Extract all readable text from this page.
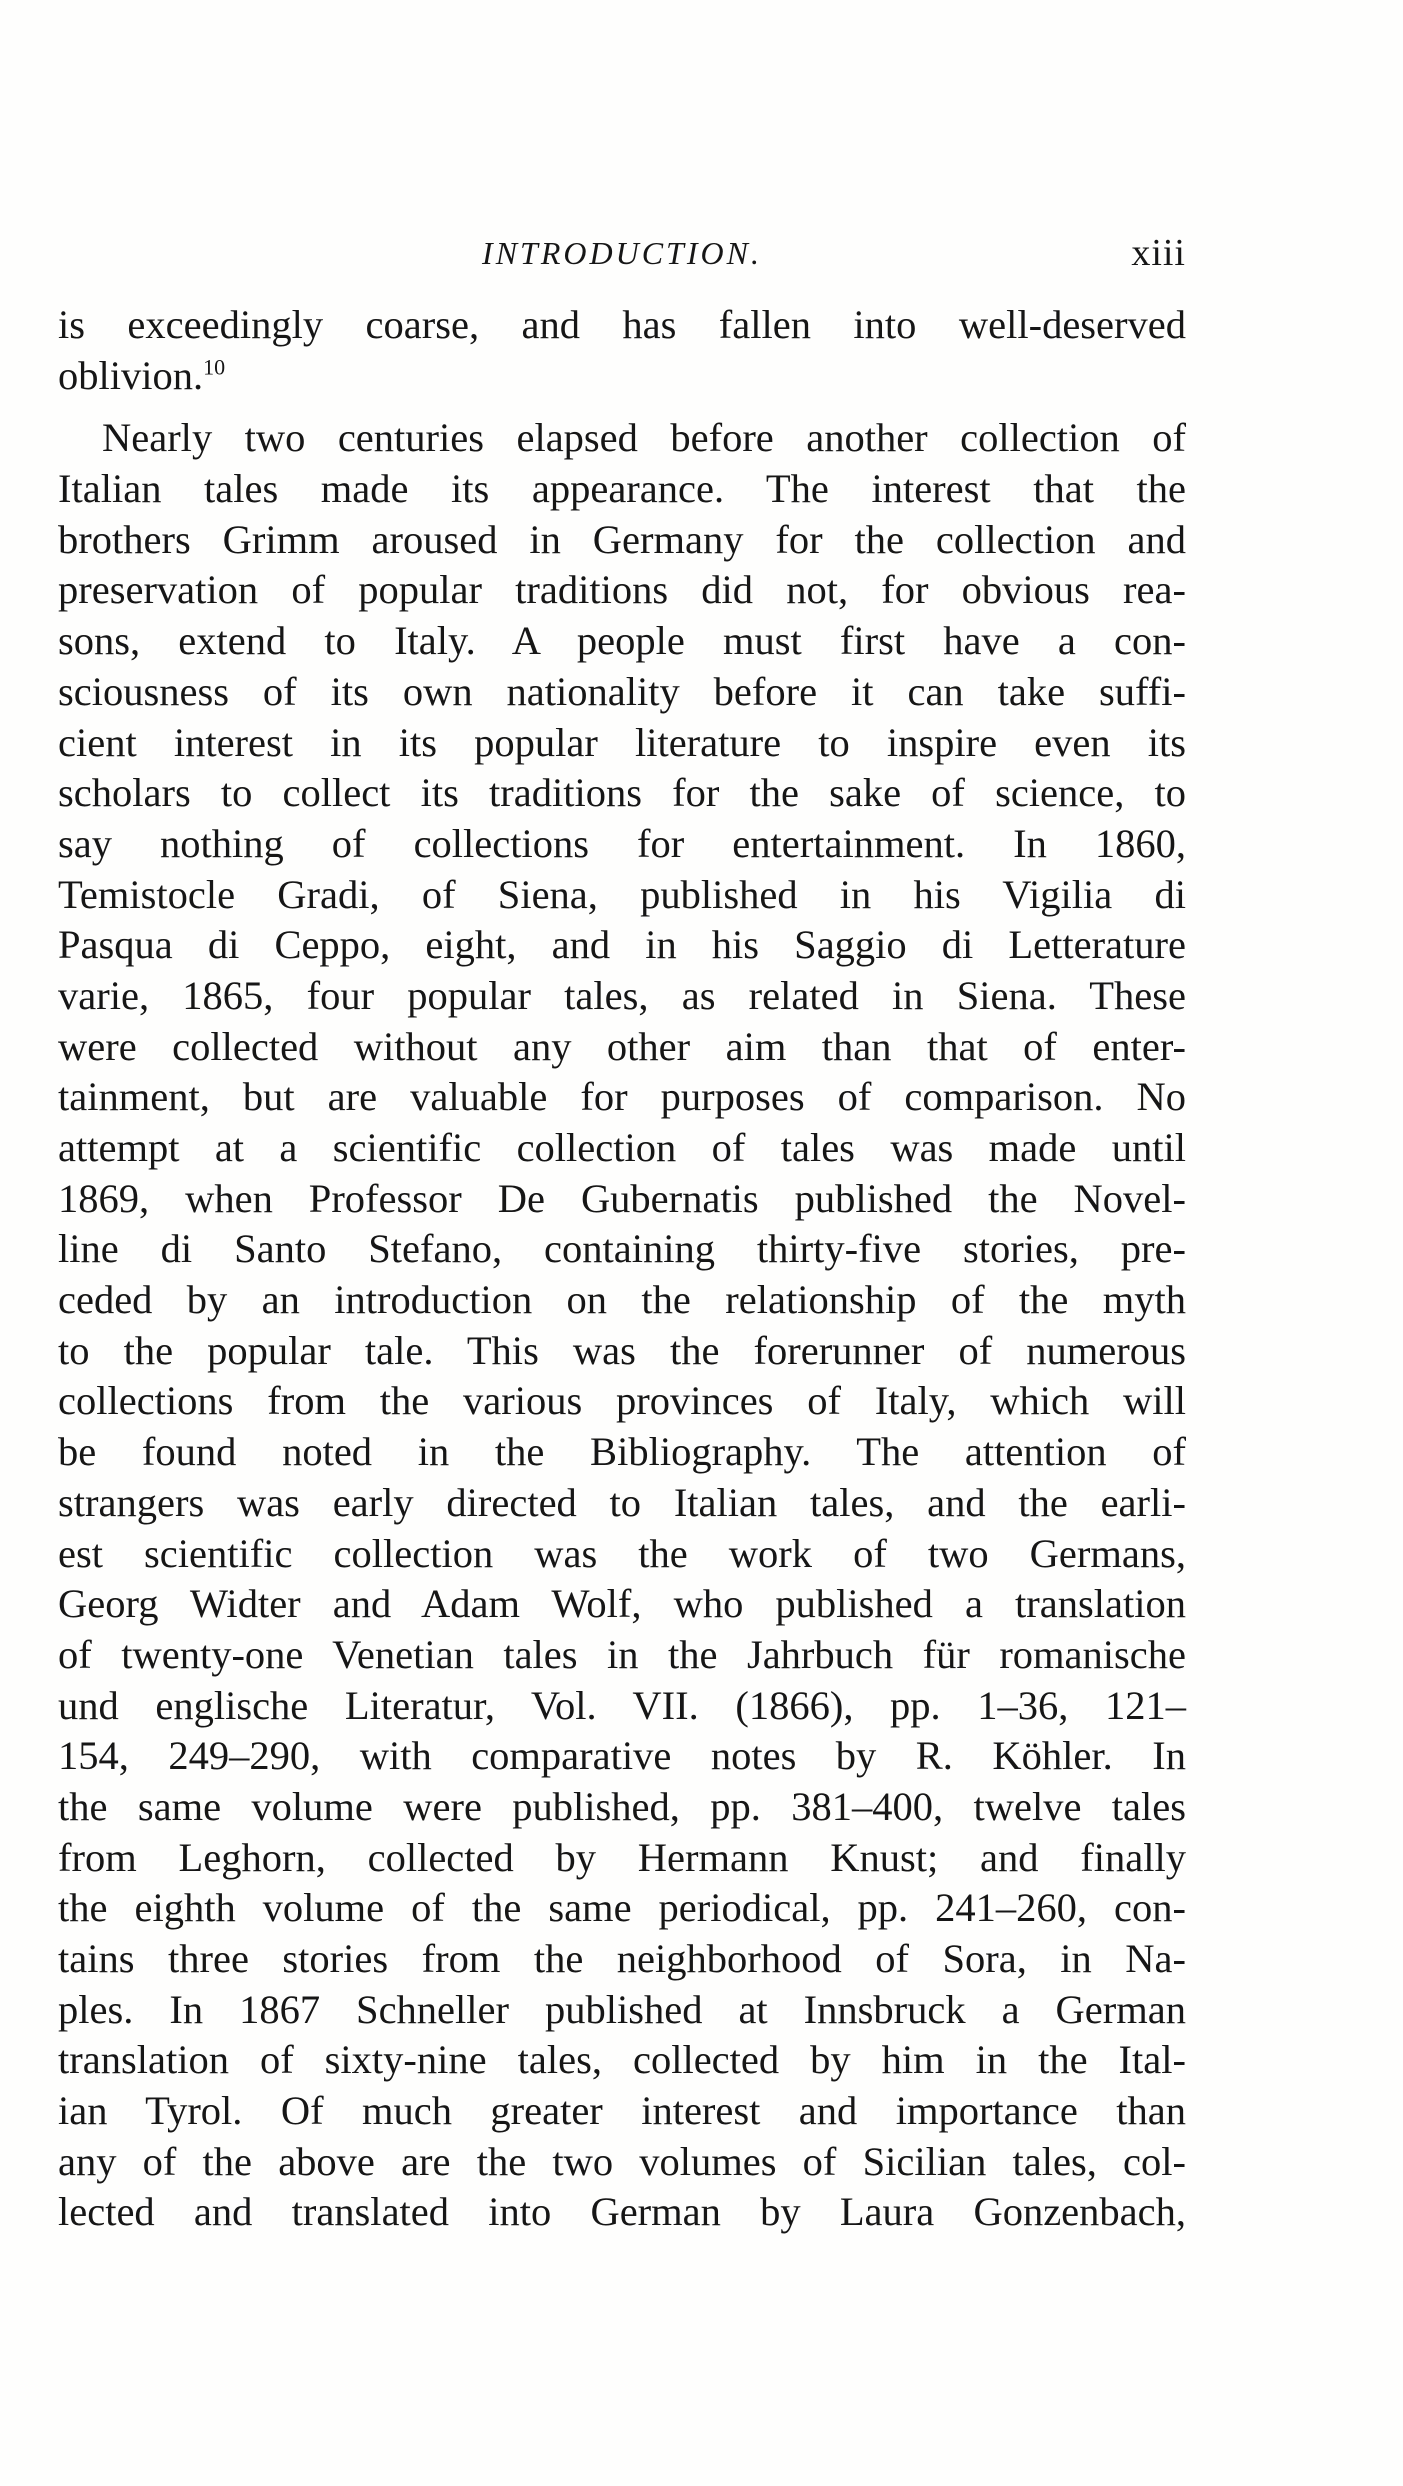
INTRODUCTION.	xiii
is exceedingly coarse, and has fallen into well-deserved
oblivion.$^{10}$
Nearly two centuries elapsed before another collection of
Italian tales made its appearance. The interest that the
brothers Grimm aroused in Germany for the collection and
preservation of popular traditions did not, for obvious rea-
sons, extend to Italy. A people must first have a con-
sciousness of its own nationality before it can take suffi-
cient interest in its popular literature to inspire even its
scholars to collect its traditions for the sake of science, to
say nothing of collections for entertainment. In 1860,
Temistocle Gradi, of Siena, published in his Vigilia di
Pasqua di Ceppo, eight, and in his Saggio di Letterature
varie, 1865, four popular tales, as related in Siena. These
were collected without any other aim than that of enter-
tainment, but are valuable for purposes of comparison. No
attempt at a scientific collection of tales was made until
1869, when Professor De Gubernatis published the Novel-
line di Santo Stefano, containing thirty-five stories, pre-
ceded by an introduction on the relationship of the myth
to the popular tale. This was the forerunner of numerous
collections from the various provinces of Italy, which will
be found noted in the Bibliography. The attention of
strangers was early directed to Italian tales, and the earli-
est scientific collection was the work of two Germans,
Georg Widter and Adam Wolf, who published a translation
of twenty-one Venetian tales in the Jahrbuch für romanische
und englische Literatur, Vol. VII. (1866), pp. 1–36, 121–
154, 249–290, with comparative notes by R. Köhler. In
the same volume were published, pp. 381–400, twelve tales
from Leghorn, collected by Hermann Knust; and finally
the eighth volume of the same periodical, pp. 241–260, con-
tains three stories from the neighborhood of Sora, in Na-
ples. In 1867 Schneller published at Innsbruck a German
translation of sixty-nine tales, collected by him in the Ital-
ian Tyrol. Of much greater interest and importance than
any of the above are the two volumes of Sicilian tales, col-
lected and translated into German by Laura Gonzenbach,
